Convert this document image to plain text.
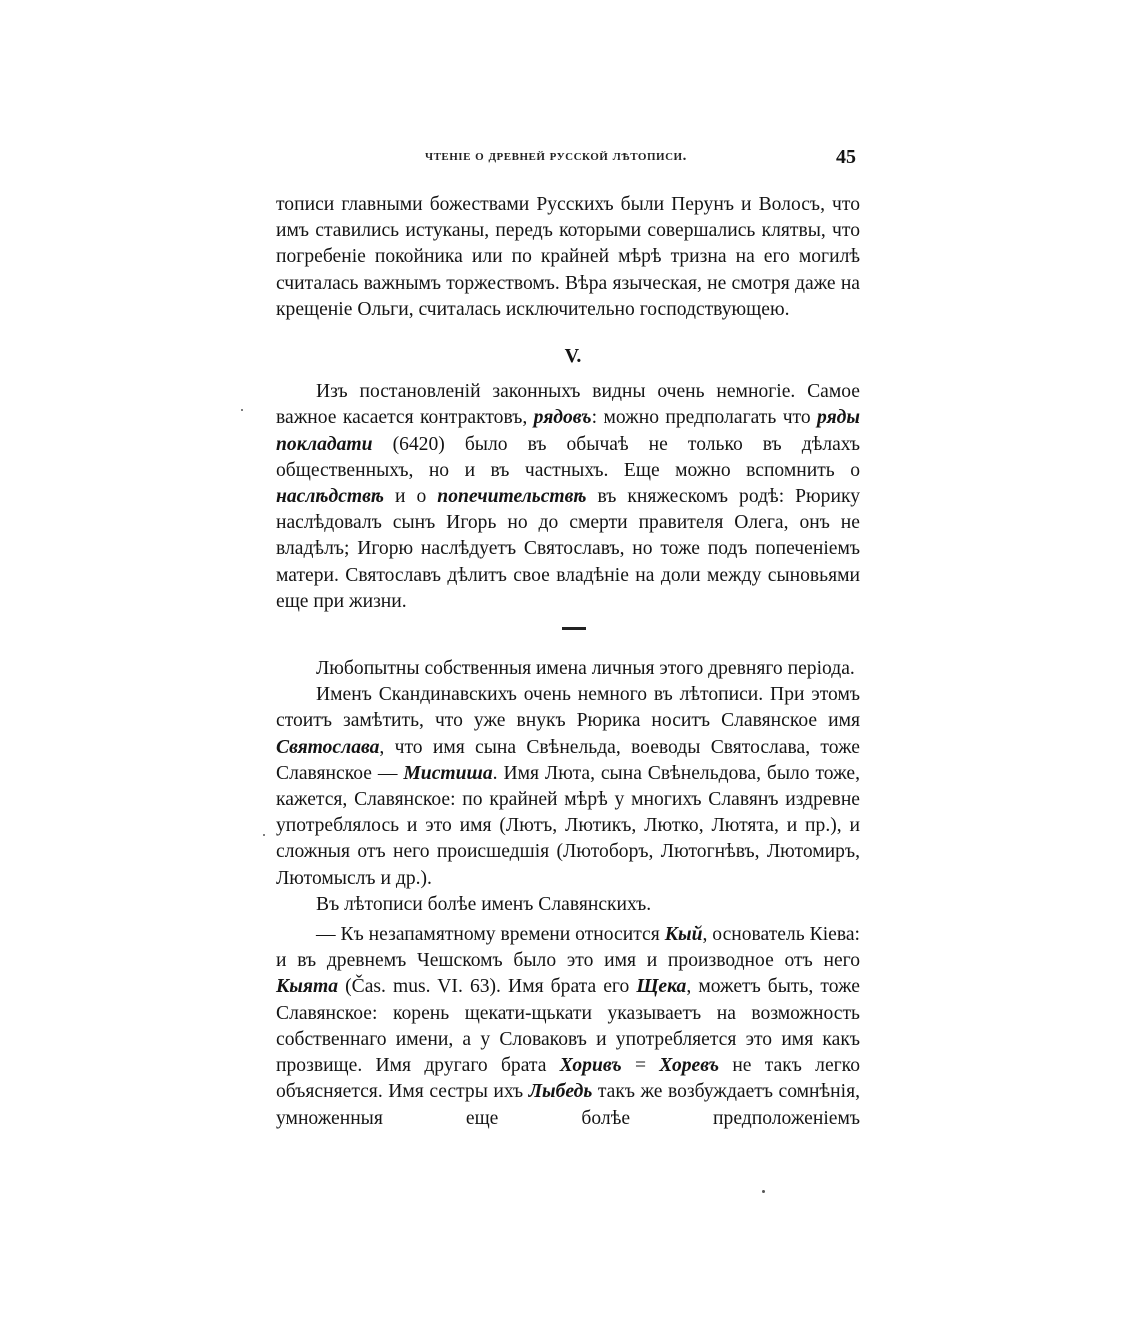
чтенiе о древней русской лѣтописи.	45

тописи главными божествами Русскихъ были Перунъ и Волосъ, что имъ ставились истуканы, передъ которыми совершались клятвы, что погребенiе покойника или по крайней мѣрѣ тризна на его могилѣ считалась важнымъ торжествомъ. Вѣра языческая, не смотря даже на крещенiе Ольги, считалась исключительно господствующею.

V.

Изъ постановленiй законныхъ видны очень немногiе. Самое важное касается контрактовъ, рядовъ: можно предполагать что ряды покладати (6420) было въ обычаѣ не только въ дѣлахъ общественныхъ, но и въ частныхъ. Еще можно вспомнить о наслѣдствѣ и о попечительствѣ въ княжескомъ родѣ: Рюрику наслѣдовалъ сынъ Игорь но до смерти правителя Олега, онъ не владѣлъ; Игорю наслѣдуетъ Святославъ, но тоже подъ попеченiемъ матери. Святославъ дѣлитъ свое владѣнiе на доли между сыновьями еще при жизни.

Любопытны собственныя имена личныя этого древняго перiода.

Именъ Скандинавскихъ очень немного въ лѣтописи. При этомъ стоитъ замѣтить, что уже внукъ Рюрика носитъ Славянское имя Святослава, что имя сына Свѣнельда, воеводы Святослава, тоже Славянское — Мистиша. Имя Люта, сына Свѣнельдова, было тоже, кажется, Славянское: по крайней мѣрѣ у многихъ Славянъ издревне употреблялось и это имя (Лютъ, Лютикъ, Лютко, Лютята, и пр.), и сложныя отъ него происшедшiя (Лютоборъ, Лютогнѣвъ, Лютомиръ, Лютомыслъ и др.).

Въ лѣтописи болѣе именъ Славянскихъ.

— Къ незапамятному времени относится Кый, основатель Кiева: и въ древнемъ Чешскомъ было это имя и производное отъ него Кыята (Čas. mus. VI. 63). Имя брата его Щека, можетъ быть, тоже Славянское: корень щекати-щькати указываетъ на возможность собственнаго имени, а у Словаковъ и употребляется это имя какъ прозвище. Имя другаго брата Хоривъ = Хоревъ не такъ легко объясняется. Имя сестры ихъ Лыбедь такъ же возбуждаетъ сомнѣнiя, умноженныя еще болѣе предположенiемъ
